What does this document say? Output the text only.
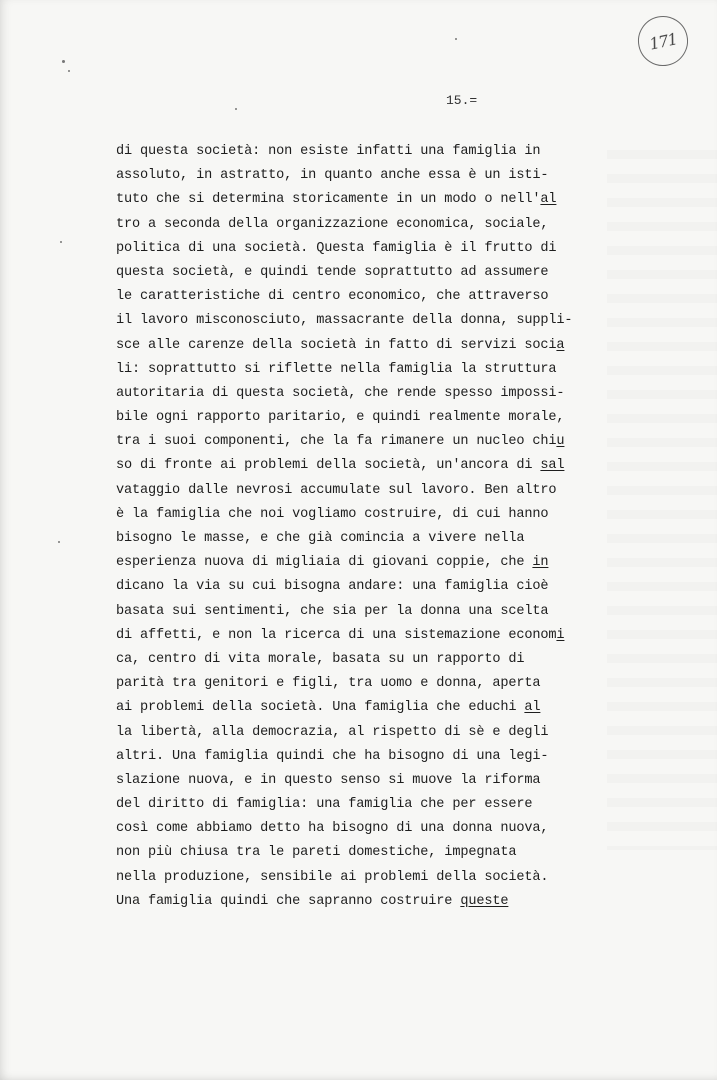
171
15.=
di questa società: non esiste infatti una famiglia in
assoluto, in astratto, in quanto anche essa è un isti-
tuto che si determina storicamente in un modo o nell'al
tro a seconda della organizzazione economica, sociale,
politica di una società. Questa famiglia è il frutto di
questa società, e quindi tende soprattutto ad assumere
le caratteristiche di centro economico, che attraverso
il lavoro misconosciuto, massacrante della donna, suppli-
sce alle carenze della società in fatto di servizi socia
li: soprattutto si riflette nella famiglia la struttura
autoritaria di questa società, che rende spesso impossi-
bile ogni rapporto paritario, e quindi realmente morale,
tra i suoi componenti, che la fa rimanere un nucleo chiu
so di fronte ai problemi della società, un'ancora di sal
vataggio dalle nevrosi accumulate sul lavoro. Ben altro
è la famiglia che noi vogliamo costruire, di cui hanno
bisogno le masse, e che già comincia a vivere nella
esperienza nuova di migliaia di giovani coppie, che in
dicano la via su cui bisogna andare: una famiglia cioè
basata sui sentimenti, che sia per la donna una scelta
di affetti, e non la ricerca di una sistemazione economi
ca, centro di vita morale, basata su un rapporto di
parità tra genitori e figli, tra uomo e donna, aperta
ai problemi della società. Una famiglia che educhi al
la libertà, alla democrazia, al rispetto di sè e degli
altri. Una famiglia quindi che ha bisogno di una legi-
slazione nuova, e in questo senso si muove la riforma
del diritto di famiglia: una famiglia che per essere
così come abbiamo detto ha bisogno di una donna nuova,
non più chiusa tra le pareti domestiche, impegnata
nella produzione, sensibile ai problemi della società.
Una famiglia quindi che sapranno costruire queste
